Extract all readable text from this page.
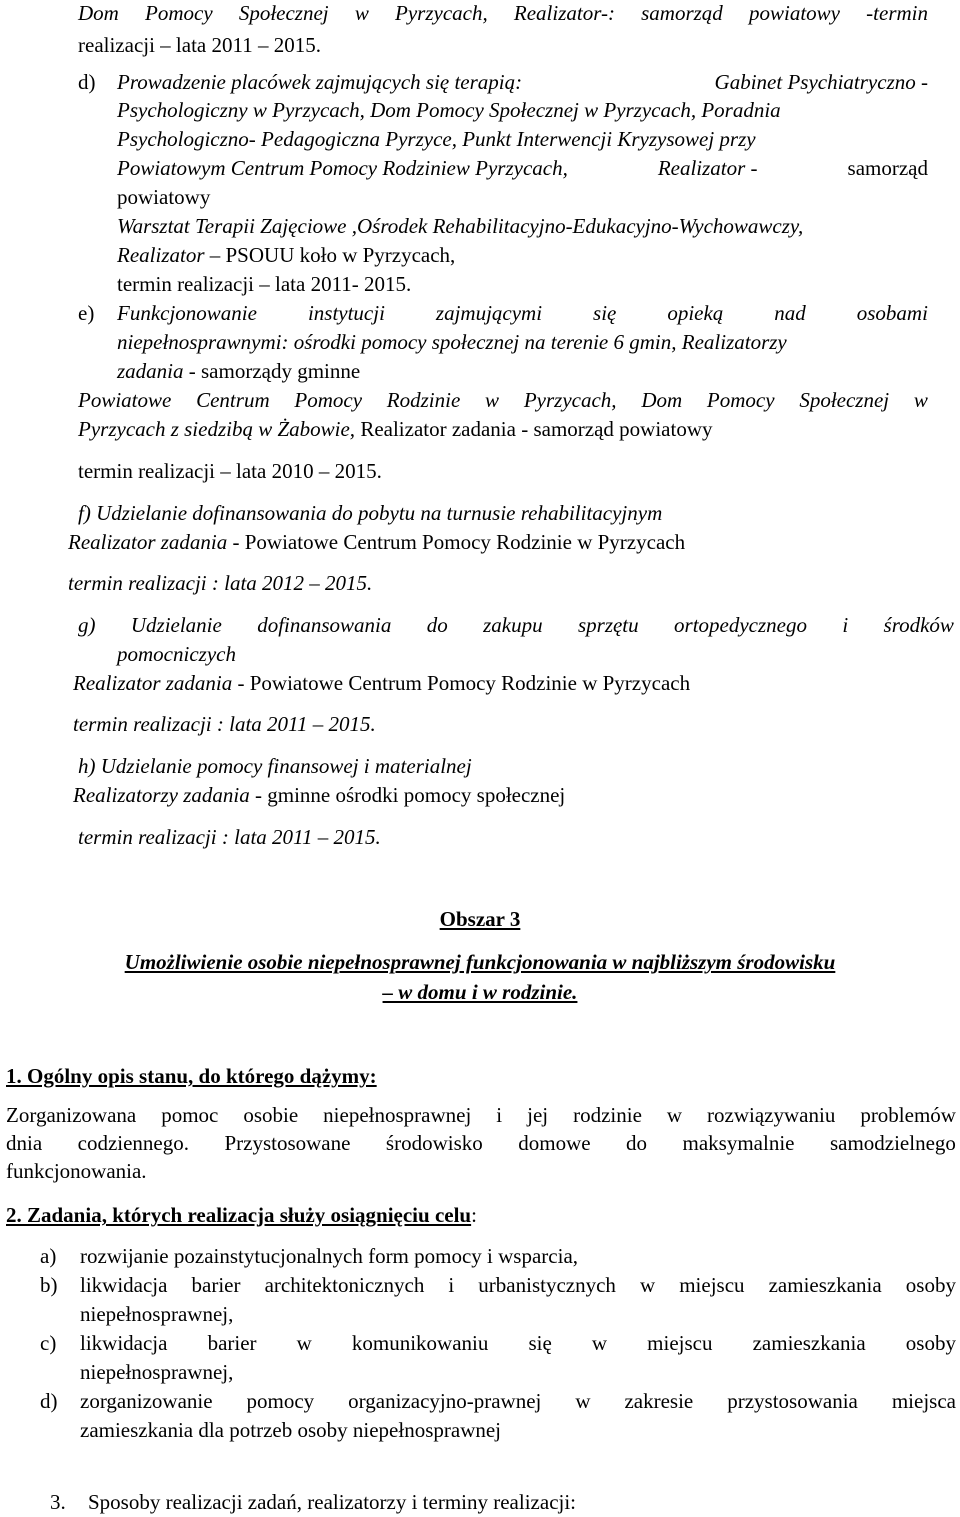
Dom Pomocy Społecznej w Pyrzycach, Realizator-: samorząd powiatowy -termin
realizacji – lata 2011 – 2015.
d) Prowadzenie placówek zajmujących się terapią:	Gabinet Psychiatryczno -
Psychologiczny w Pyrzycach, Dom Pomocy Społecznej w Pyrzycach, Poradnia
Psychologiczno- Pedagogiczna Pyrzyce, Punkt Interwencji Kryzysowej przy
Powiatowym Centrum Pomocy Rodziniew Pyrzycach,	Realizator -	samorząd
powiatowy
Warsztat Terapii Zajęciowe ,Ośrodek Rehabilitacyjno-Edukacyjno-Wychowawczy,
Realizator – PSOUU koło w Pyrzycach,
termin realizacji – lata 2011- 2015.
e) Funkcjonowanie instytucji zajmującymi się opieką nad osobami
niepełnosprawnymi: ośrodki pomocy społecznej na terenie 6 gmin, Realizatorzy
zadania - samorządy gminne
Powiatowe Centrum Pomocy Rodzinie w Pyrzycach, Dom Pomocy Społecznej w
Pyrzycach z siedzibą w Żabowie, Realizator zadania - samorząd powiatowy
termin realizacji – lata 2010 – 2015.
f) Udzielanie dofinansowania do pobytu na turnusie rehabilitacyjnym
Realizator zadania - Powiatowe Centrum Pomocy Rodzinie w Pyrzycach
termin realizacji : lata 2012 – 2015.
g) Udzielanie dofinansowania do zakupu sprzętu ortopedycznego i środków
pomocniczych
Realizator zadania - Powiatowe Centrum Pomocy Rodzinie w Pyrzycach
termin realizacji : lata 2011 – 2015.
h) Udzielanie pomocy finansowej i materialnej
Realizatorzy zadania - gminne ośrodki pomocy społecznej
termin realizacji : lata 2011 – 2015.
Obszar 3
Umożliwienie osobie niepełnosprawnej funkcjonowania w najbliższym środowisku
– w domu i w rodzinie.
1. Ogólny opis stanu, do którego dążymy:
Zorganizowana pomoc osobie niepełnosprawnej i jej rodzinie w rozwiązywaniu problemów
dnia codziennego. Przystosowane środowisko domowe do maksymalnie samodzielnego
funkcjonowania.
2. Zadania, których realizacja służy osiągnięciu celu:
a) rozwijanie pozainstytucjonalnych form pomocy i wsparcia,
b) likwidacja barier architektonicznych i urbanistycznych w miejscu zamieszkania osoby
niepełnosprawnej,
c) likwidacja barier w komunikowaniu się w miejscu zamieszkania osoby
niepełnosprawnej,
d) zorganizowanie pomocy organizacyjno-prawnej w zakresie przystosowania miejsca
zamieszkania dla potrzeb osoby niepełnosprawnej
3. Sposoby realizacji zadań, realizatorzy i terminy realizacji:
